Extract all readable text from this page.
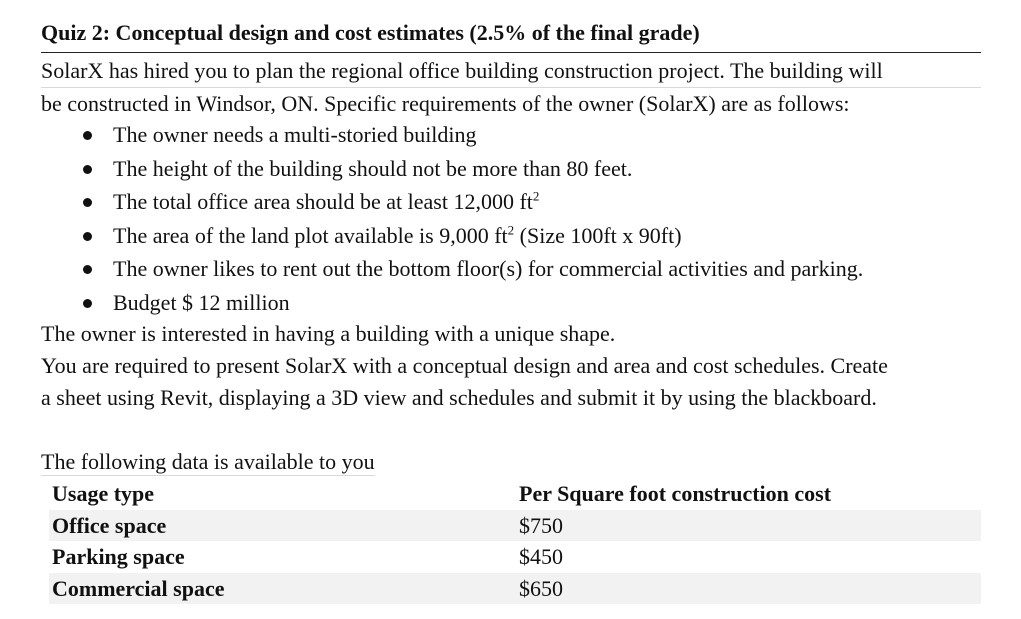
Quiz 2: Conceptual design and cost estimates (2.5% of the final grade)
SolarX has hired you to plan the regional office building construction project. The building will
be constructed in Windsor, ON. Specific requirements of the owner (SolarX) are as follows:
The owner needs a multi-storied building
The height of the building should not be more than 80 feet.
The total office area should be at least 12,000 $ft^2$
The area of the land plot available is 9,000 $ft^2$ (Size 100ft x 90ft)
The owner likes to rent out the bottom floor(s) for commercial activities and parking.
Budget $ 12 million
The owner is interested in having a building with a unique shape.
You are required to present SolarX with a conceptual design and area and cost schedules. Create
a sheet using Revit, displaying a 3D view and schedules and submit it by using the blackboard.
The following data is available to you
Usage type	Per Square foot construction cost
Office space	$750
Parking space	$450
Commercial space	$650
